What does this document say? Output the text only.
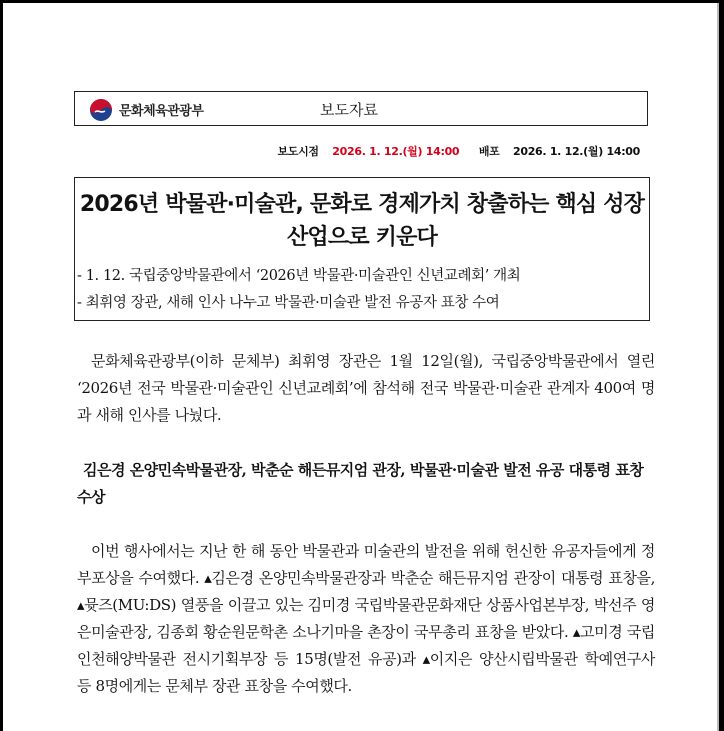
문화체육관광부	보도자료
보도시점 2026. 1. 12.(월) 14:00 배포 2026. 1. 12.(월) 14:00
2026년 박물관·미술관, 문화로 경제가치 창출하는 핵심 성장산업으로 키운다
- 1. 12. 국립중앙박물관에서 ‘2026년 박물관·미술관인 신년교례회’ 개최
- 최휘영 장관, 새해 인사 나누고 박물관·미술관 발전 유공자 표창 수여
문화체육관광부(이하 문체부) 최휘영 장관은 1월 12일(월), 국립중앙박물관에서 열린 ‘2026년 전국 박물관·미술관인 신년교례회’에 참석해 전국 박물관·미술관 관계자 400여 명과 새해 인사를 나눴다.
김은경 온양민속박물관장, 박춘순 해든뮤지엄 관장, 박물관·미술관 발전 유공 대통령 표창 수상
이번 행사에서는 지난 한 해 동안 박물관과 미술관의 발전을 위해 헌신한 유공자들에게 정부포상을 수여했다. ▴김은경 온양민속박물관장과 박춘순 해든뮤지엄 관장이 대통령 표창을, ▴뮷즈(MU:DS) 열풍을 이끌고 있는 김미경 국립박물관문화재단 상품사업본부장, 박선주 영은미술관장, 김종회 황순원문학촌 소나기마을 촌장이 국무총리 표창을 받았다. ▴고미경 국립인천해양박물관 전시기획부장 등 15명(발전 유공)과 ▴이지은 양산시립박물관 학예연구사 등 8명에게는 문체부 장관 표창을 수여했다.
